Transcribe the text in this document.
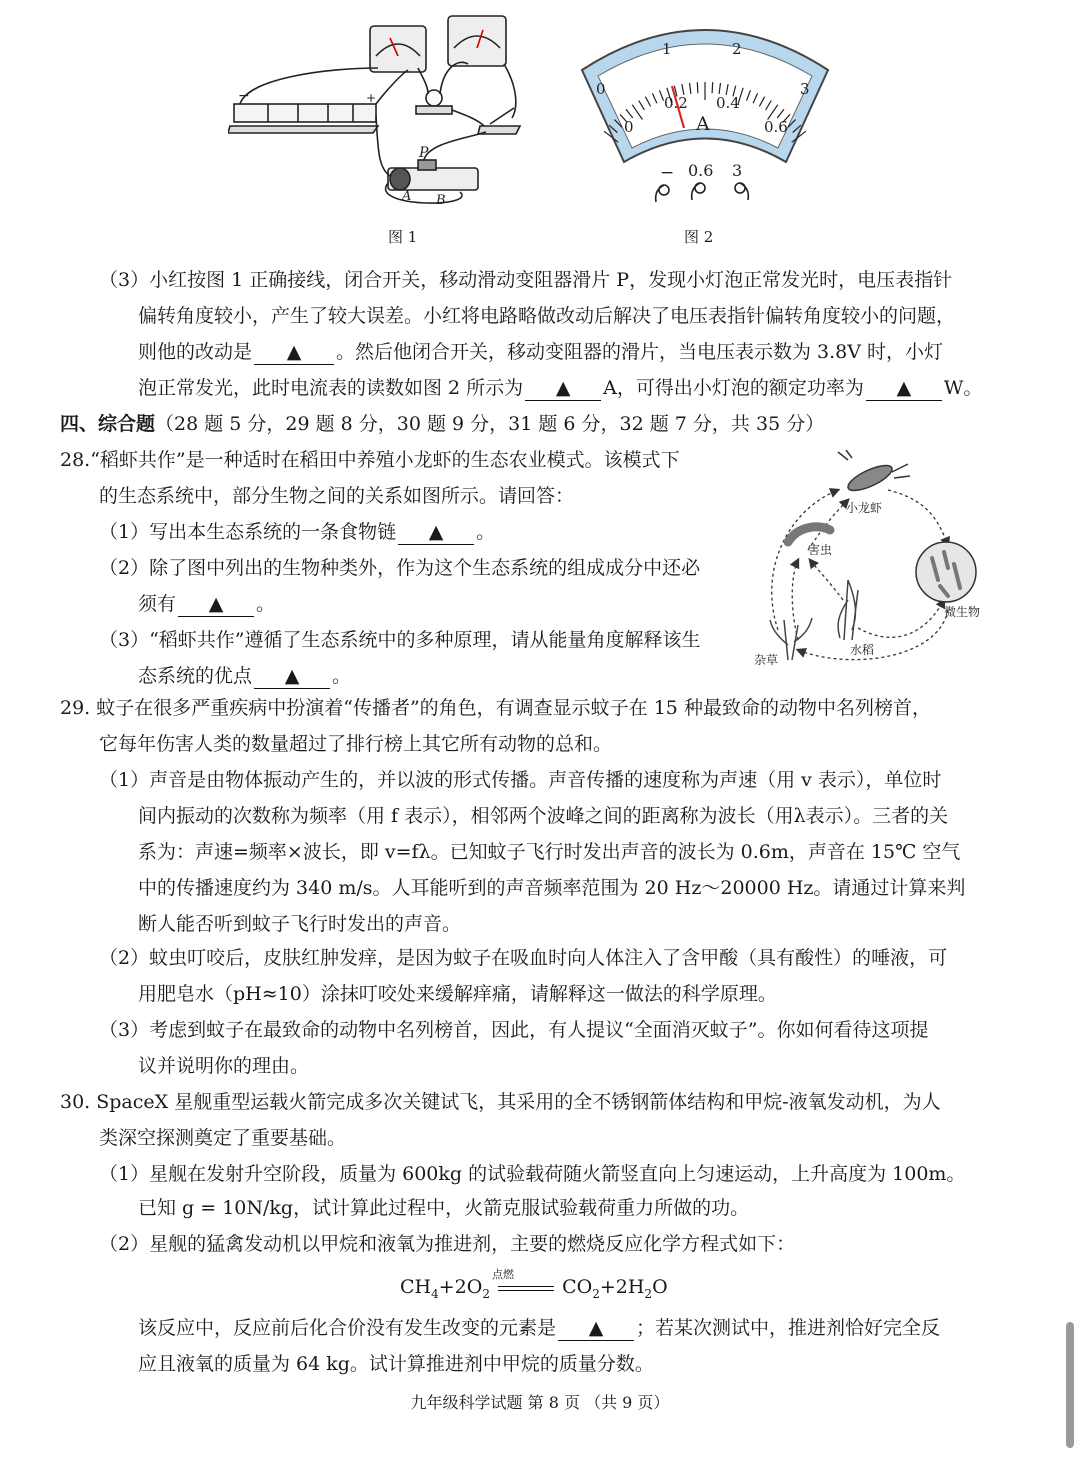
−	+
P
A B
图 1
0
1	2
3
0
0.2 0.4
0.6
A
− 0.6 3
图 2
（3）小红按图 1 正确接线，闭合开关，移动滑动变阻器滑片 P，发现小灯泡正常发光时，电压表指针
偏转角度较小，产生了较大误差。小红将电路略做改动后解决了电压表指针偏转角度较小的问题，
则他的改动是 ▲ 。然后他闭合开关，移动变阻器的滑片，当电压表示数为 3.8V 时，小灯
泡正常发光，此时电流表的读数如图 2 所示为 ▲ A，可得出小灯泡的额定功率为 ▲ W。
四、综合题（28 题 5 分，29 题 8 分，30 题 9 分，31 题 6 分，32 题 7 分，共 35 分）
28.“稻虾共作”是一种适时在稻田中养殖小龙虾的生态农业模式。该模式下
的生态系统中，部分生物之间的关系如图所示。请回答：
（1）写出本生态系统的一条食物链 ▲ 。
（2）除了图中列出的生物种类外，作为这个生态系统的组成成分中还必
须有 ▲ 。
（3）“稻虾共作”遵循了生态系统中的多种原理，请从能量角度解释该生
态系统的优点 ▲ 。
小龙虾
害虫
微生物
杂草
水稻
29. 蚊子在很多严重疾病中扮演着“传播者”的角色，有调查显示蚊子在 15 种最致命的动物中名列榜首，
它每年伤害人类的数量超过了排行榜上其它所有动物的总和。
（1）声音是由物体振动产生的，并以波的形式传播。声音传播的速度称为声速（用 v 表示），单位时
间内振动的次数称为频率（用 f 表示），相邻两个波峰之间的距离称为波长（用λ表示）。三者的关
系为：声速=频率×波长，即 v=fλ。已知蚊子飞行时发出声音的波长为 0.6m，声音在 15℃ 空气
中的传播速度约为 340 m/s。人耳能听到的声音频率范围为 20 Hz～20000 Hz。请通过计算来判
断人能否听到蚊子飞行时发出的声音。
（2）蚊虫叮咬后，皮肤红肿发痒，是因为蚊子在吸血时向人体注入了含甲酸（具有酸性）的唾液，可
用肥皂水（pH≈10）涂抹叮咬处来缓解痒痛，请解释这一做法的科学原理。
（3）考虑到蚊子在最致命的动物中名列榜首，因此，有人提议“全面消灭蚊子”。你如何看待这项提
议并说明你的理由。
30. SpaceX 星舰重型运载火箭完成多次关键试飞，其采用的全不锈钢箭体结构和甲烷-液氧发动机，为人
类深空探测奠定了重要基础。
（1）星舰在发射升空阶段，质量为 600kg 的试验载荷随火箭竖直向上匀速运动，上升高度为 100m。
已知 g = 10N/kg，试计算此过程中，火箭克服试验载荷重力所做的功。
（2）星舰的猛禽发动机以甲烷和液氧为推进剂，主要的燃烧反应化学方程式如下：
$CH_4+2O_2$
点燃
$CO_2+2H_2O$
该反应中，反应前后化合价没有发生改变的元素是 ▲ ；若某次测试中，推进剂恰好完全反
应且液氧的质量为 64 kg。试计算推进剂中甲烷的质量分数。
九年级科学试题 第 8 页 （共 9 页）
